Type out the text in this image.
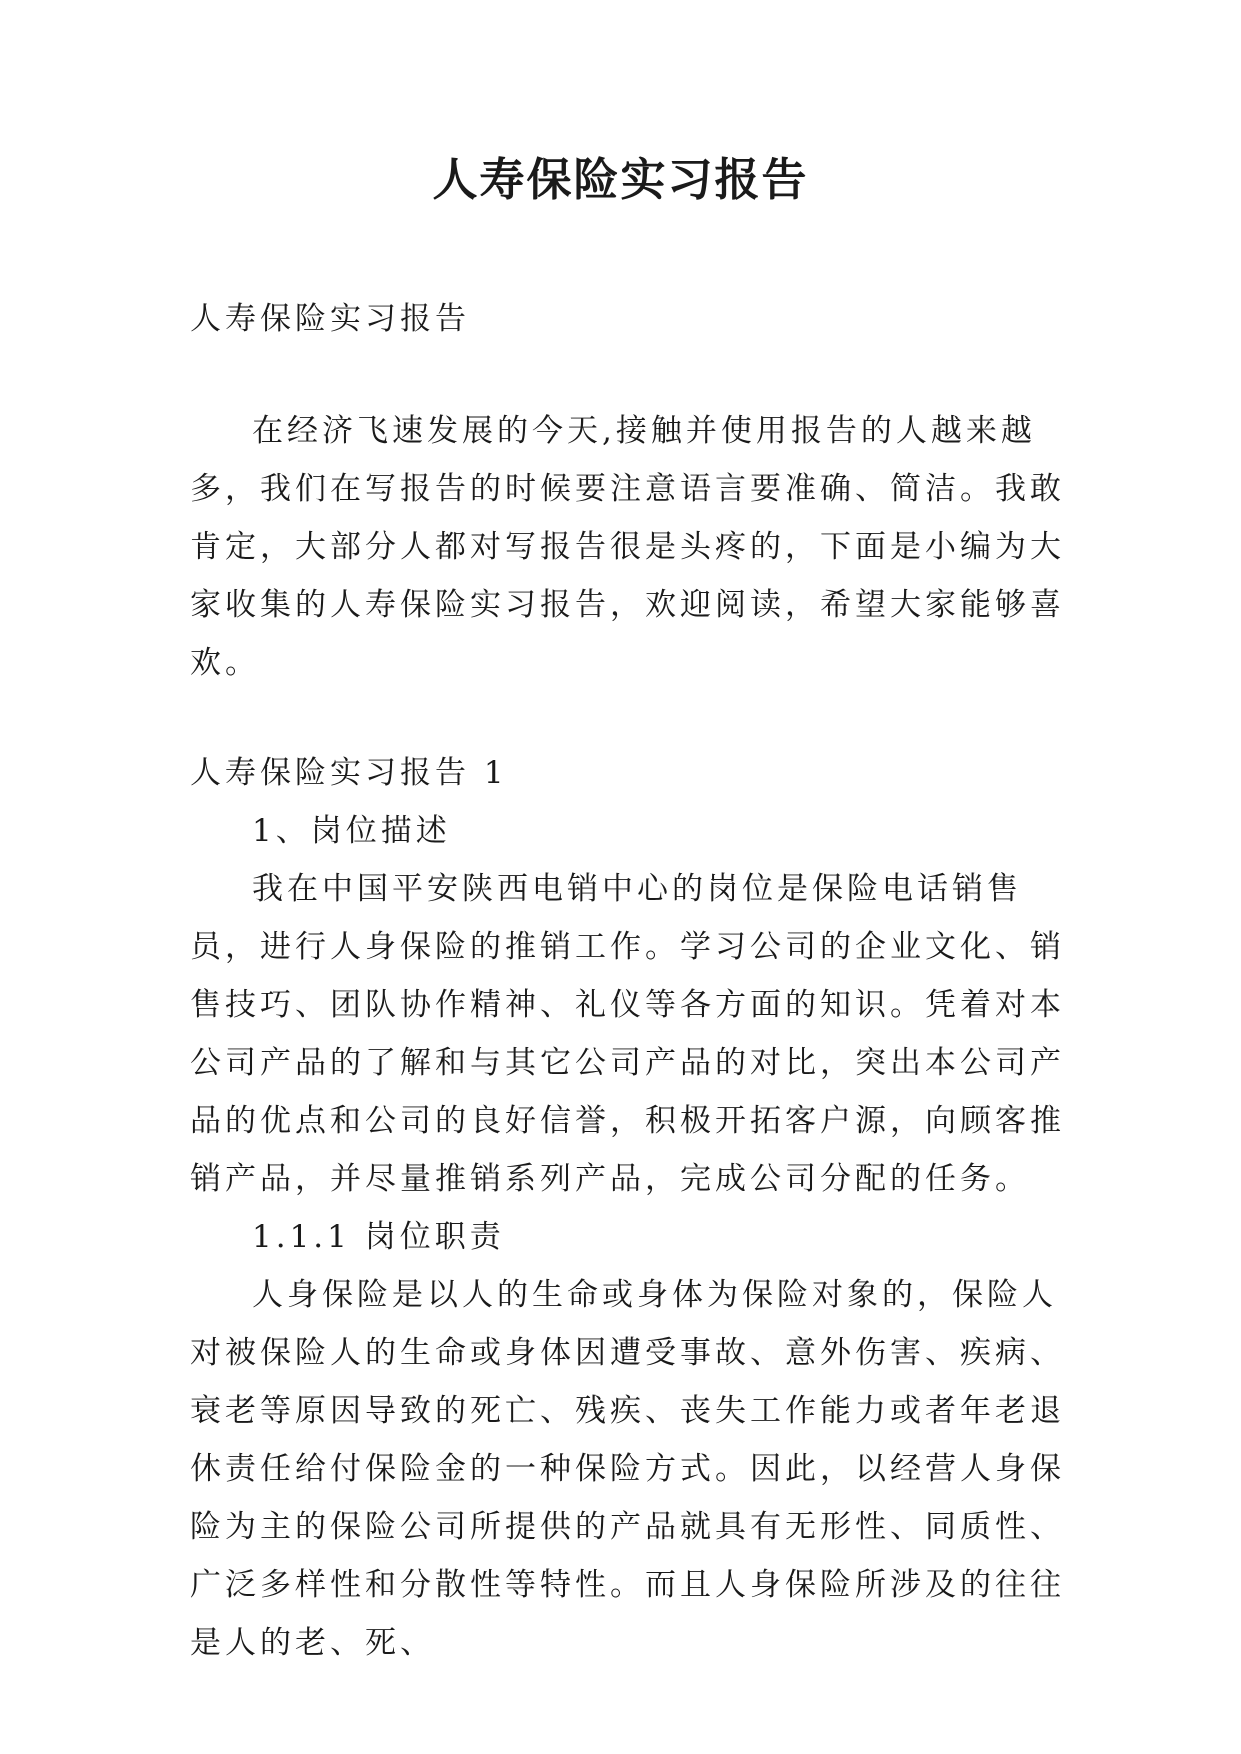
人寿保险实习报告

人寿保险实习报告

在经济飞速发展的今天,接触并使用报告的人越来越多，我们在写报告的时候要注意语言要准确、简洁。我敢肯定，大部分人都对写报告很是头疼的，下面是小编为大家收集的人寿保险实习报告，欢迎阅读，希望大家能够喜欢。

人寿保险实习报告 1

1、岗位描述

我在中国平安陕西电销中心的岗位是保险电话销售员，进行人身保险的推销工作。学习公司的企业文化、销售技巧、团队协作精神、礼仪等各方面的知识。凭着对本公司产品的了解和与其它公司产品的对比，突出本公司产品的优点和公司的良好信誉，积极开拓客户源，向顾客推销产品，并尽量推销系列产品，完成公司分配的任务。

1.1.1 岗位职责

人身保险是以人的生命或身体为保险对象的，保险人对被保险人的生命或身体因遭受事故、意外伤害、疾病、衰老等原因导致的死亡、残疾、丧失工作能力或者年老退休责任给付保险金的一种保险方式。因此，以经营人身保险为主的保险公司所提供的产品就具有无形性、同质性、广泛多样性和分散性等特性。而且人身保险所涉及的往往是人的老、死、
